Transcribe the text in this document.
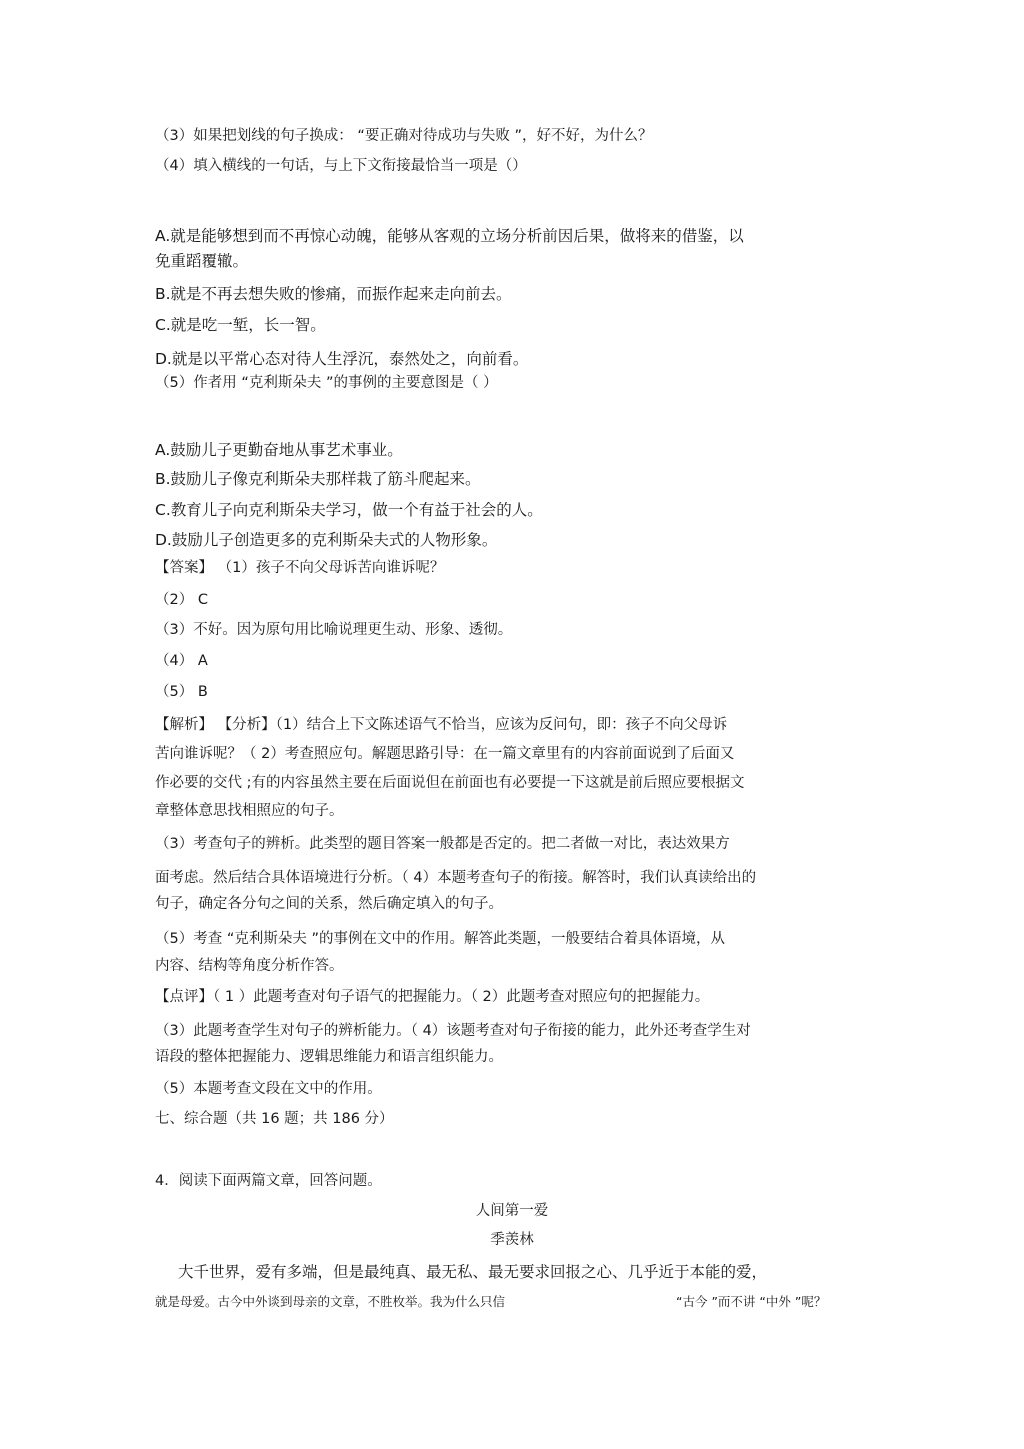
（3）如果把划线的句子换成： “要正确对待成功与失败 ”，好不好，为什么？
（4）填入横线的一句话，与上下文衔接最恰当一项是（）
A.就是能够想到而不再惊心动魄，能够从客观的立场分析前因后果，做将来的借鉴，以
免重蹈覆辙。
B.就是不再去想失败的惨痛，而振作起来走向前去。
C.就是吃一堑，长一智。
D.就是以平常心态对待人生浮沉，泰然处之，向前看。
（5）作者用 “克利斯朵夫 ”的事例的主要意图是（ ）
A.鼓励儿子更勤奋地从事艺术事业。
B.鼓励儿子像克利斯朵夫那样栽了筋斗爬起来。
C.教育儿子向克利斯朵夫学习，做一个有益于社会的人。
D.鼓励儿子创造更多的克利斯朵夫式的人物形象。
【答案】 （1）孩子不向父母诉苦向谁诉呢？
（2） C
（3）不好。因为原句用比喻说理更生动、形象、透彻。
（4） A
（5） B
【解析】 【分析】（1）结合上下文陈述语气不恰当，应该为反问句，即：孩子不向父母诉
苦向谁诉呢？（ 2）考查照应句。解题思路引导：在一篇文章里有的内容前面说到了后面又
作必要的交代 ;有的内容虽然主要在后面说但在前面也有必要提一下这就是前后照应要根据文
章整体意思找相照应的句子。
（3）考查句子的辨析。此类型的题目答案一般都是否定的。把二者做一对比，表达效果方
面考虑。然后结合具体语境进行分析。（ 4）本题考查句子的衔接。解答时，我们认真读给出的
句子，确定各分句之间的关系，然后确定填入的句子。
（5）考查 “克利斯朵夫 ”的事例在文中的作用。解答此类题，一般要结合着具体语境，从
内容、结构等角度分析作答。
【点评】（ 1 ）此题考查对句子语气的把握能力。（ 2）此题考查对照应句的把握能力。
（3）此题考查学生对句子的辨析能力。（ 4）该题考查对句子衔接的能力，此外还考查学生对
语段的整体把握能力、逻辑思维能力和语言组织能力。
（5）本题考查文段在文中的作用。
七、综合题（共 16 题；共 186 分）
4．阅读下面两篇文章，回答问题。
人间第一爱
季羡林
大千世界，爱有多端，但是最纯真、最无私、最无要求回报之心、几乎近于本能的爱，
就是母爱。古今中外谈到母亲的文章，不胜枚举。我为什么只信	“古今 ”而不讲 “中外 ”呢？
